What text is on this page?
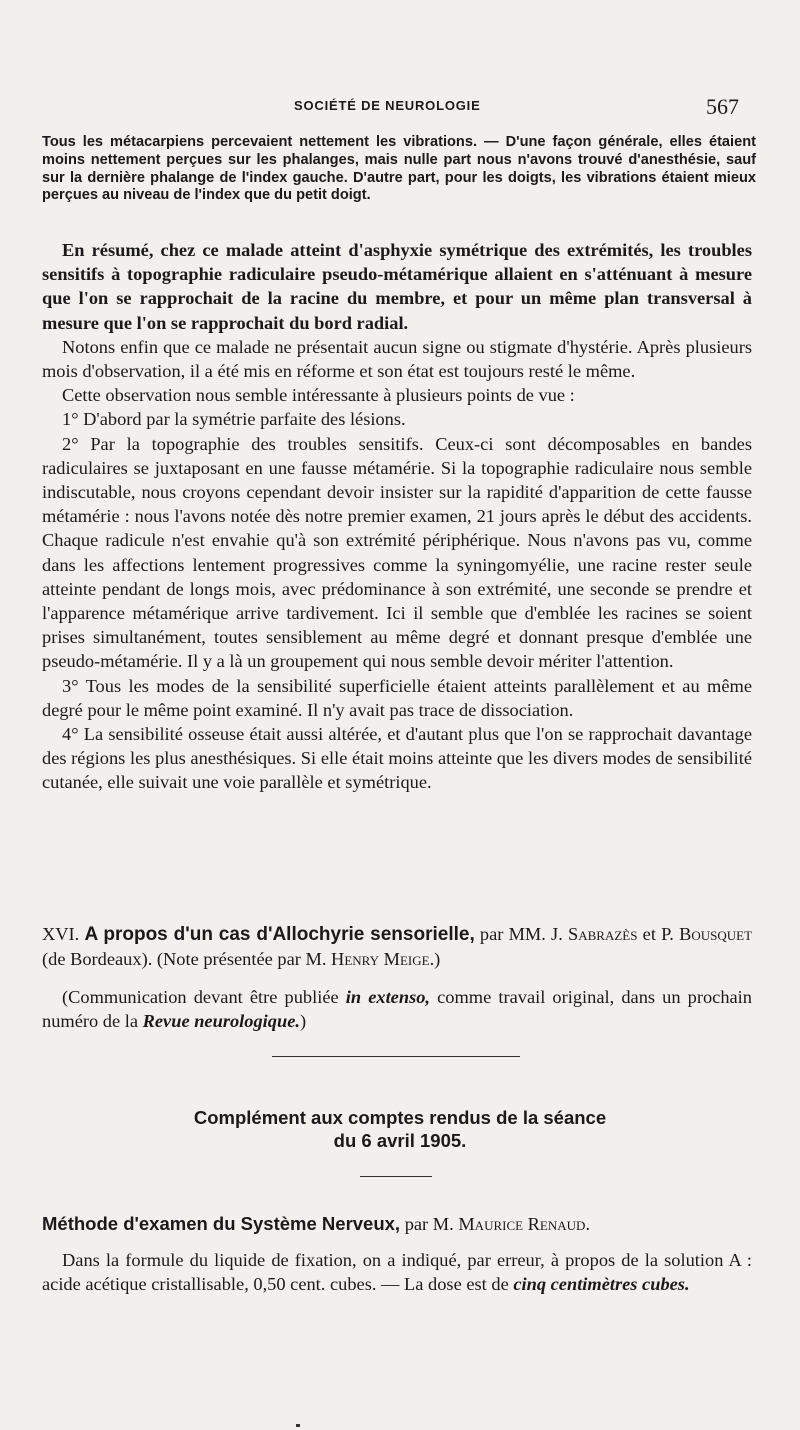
SOCIÉTÉ DE NEUROLOGIE	567
Tous les métacarpiens percevaient nettement les vibrations. — D'une façon générale, elles étaient moins nettement perçues sur les phalanges, mais nulle part nous n'avons trouvé d'anesthésie, sauf sur la dernière phalange de l'index gauche. D'autre part, pour les doigts, les vibrations étaient mieux perçues au niveau de l'index que du petit doigt.

En résumé, chez ce malade atteint d'asphyxie symétrique des extrémités, les troubles sensitifs à topographie radiculaire pseudo-métamérique allaient en s'atténuant à mesure que l'on se rapprochait de la racine du membre, et pour un même plan transversal à mesure que l'on se rapprochait du bord radial.

Notons enfin que ce malade ne présentait aucun signe ou stigmate d'hystérie. Après plusieurs mois d'observation, il a été mis en réforme et son état est toujours resté le même.

Cette observation nous semble intéressante à plusieurs points de vue :

1° D'abord par la symétrie parfaite des lésions.

2° Par la topographie des troubles sensitifs. Ceux-ci sont décomposables en bandes radiculaires se juxtaposant en une fausse métamérie. Si la topographie radiculaire nous semble indiscutable, nous croyons cependant devoir insister sur la rapidité d'apparition de cette fausse métamérie : nous l'avons notée dès notre premier examen, 21 jours après le début des accidents. Chaque radicule n'est envahie qu'à son extrémité périphérique. Nous n'avons pas vu, comme dans les affections lentement progressives comme la syningomyélie, une racine rester seule atteinte pendant de longs mois, avec prédominance à son extrémité, une seconde se prendre et l'apparence métamérique arrive tardivement. Ici il semble que d'emblée les racines se soient prises simultanément, toutes sensiblement au même degré et donnant presque d'emblée une pseudo-métamérie. Il y a là un groupement qui nous semble devoir mériter l'attention.

3° Tous les modes de la sensibilité superficielle étaient atteints parallèlement et au même degré pour le même point examiné. Il n'y avait pas trace de dissociation.

4° La sensibilité osseuse était aussi altérée, et d'autant plus que l'on se rapprochait davantage des régions les plus anesthésiques. Si elle était moins atteinte que les divers modes de sensibilité cutanée, elle suivait une voie parallèle et symétrique.

XVI. A propos d'un cas d'Allochyrie sensorielle, par MM. J. Sabrazès et P. Bousquet (de Bordeaux). (Note présentée par M. Henry Meige.)

(Communication devant être publiée in extenso, comme travail original, dans un prochain numéro de la Revue neurologique.)

Complément aux comptes rendus de la séance
du 6 avril 1905.

Méthode d'examen du Système Nerveux, par M. Maurice Renaud.

Dans la formule du liquide de fixation, on a indiqué, par erreur, à propos de la solution A : acide acétique cristallisable, 0,50 cent. cubes. — La dose est de cinq centimètres cubes.
